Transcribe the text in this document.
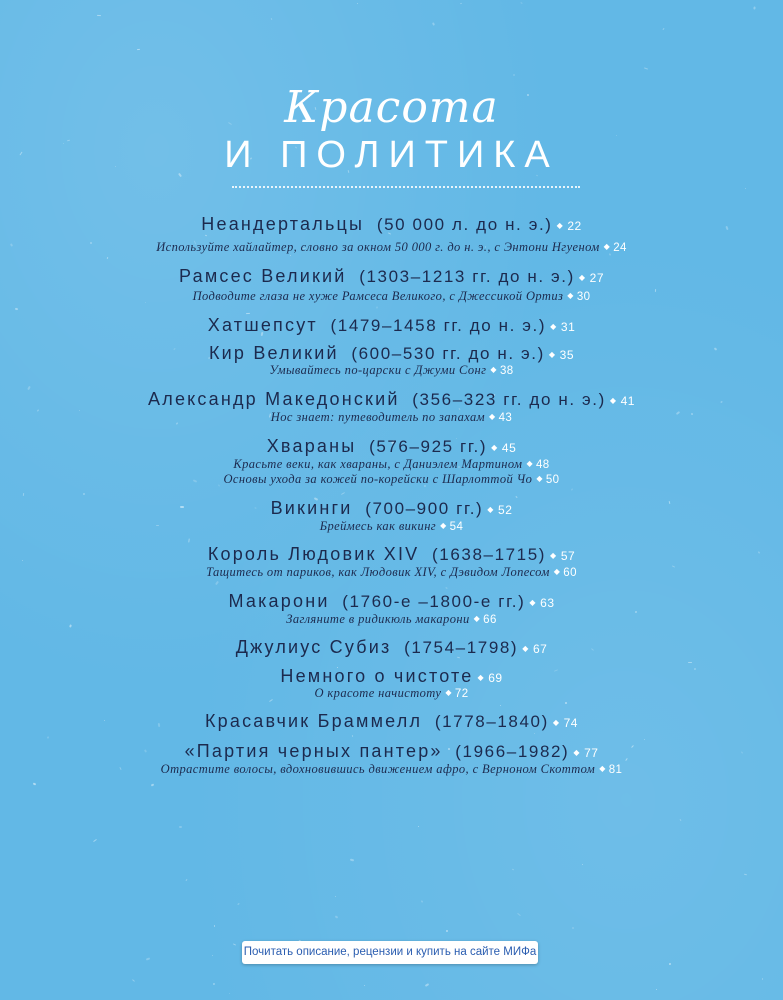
Красота
И ПОЛИТИКА
Неандертальцы (50 000 л. до н. э.) ◆ 22
Используйте хайлайтер, словно за окном 50 000 г. до н. э., с Энтони Нгуеном ◆ 24
Рамсес Великий (1303–1213 гг. до н. э.) ◆ 27
Подводите глаза не хуже Рамсеса Великого, с Джессикой Ортиз ◆ 30
Хатшепсут (1479–1458 гг. до н. э.) ◆ 31
Кир Великий (600–530 гг. до н. э.) ◆ 35
Умывайтесь по-царски с Джуми Сонг ◆ 38
Александр Македонский (356–323 гг. до н. э.) ◆ 41
Нос знает: путеводитель по запахам ◆ 43
Хвараны (576–925 гг.) ◆ 45
Красьте веки, как хвараны, с Даниэлем Мартином ◆ 48
Основы ухода за кожей по-корейски с Шарлоттой Чо ◆ 50
Викинги (700–900 гг.) ◆ 52
Бреймесь как викинг ◆ 54
Король Людовик XIV (1638–1715) ◆ 57
Тащитесь от париков, как Людовик XIV, с Дэвидом Лопесом ◆ 60
Макарони (1760-е –1800-е гг.) ◆ 63
Загляните в ридикюль макарони ◆ 66
Джулиус Субиз (1754–1798) ◆ 67
Немного о чистоте ◆ 69
О красоте начистоту ◆ 72
Красавчик Браммелл (1778–1840) ◆ 74
«Партия черных пантер» (1966–1982) ◆ 77
Отрастите волосы, вдохновившись движением афро, с Верноном Скоттом ◆ 81
Почитать описание, рецензии и купить на сайте МИФа
